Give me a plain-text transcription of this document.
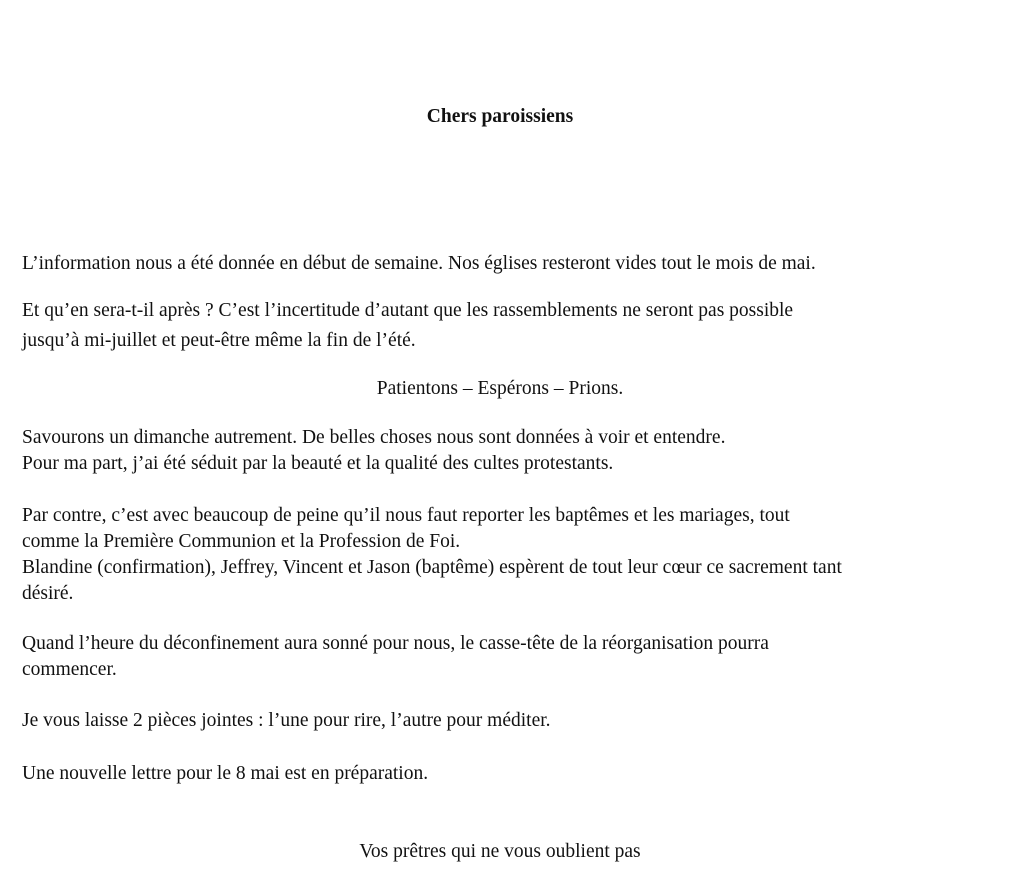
Chers paroissiens

L’information nous a été donnée en début de semaine. Nos églises resteront vides tout le mois de mai.

Et qu’en sera-t-il après ? C’est l’incertitude d’autant que les rassemblements ne seront pas possible

jusqu’à mi-juillet et peut-être même la fin de l’été.

Patientons – Espérons – Prions.

Savourons un dimanche autrement. De belles choses nous sont données à voir et entendre.

Pour ma part, j’ai été séduit par la beauté et la qualité des cultes protestants.

Par contre, c’est avec beaucoup de peine qu’il nous faut reporter les baptêmes et les mariages, tout

comme la Première Communion et la Profession de Foi.

Blandine (confirmation), Jeffrey, Vincent et Jason (baptême) espèrent de tout leur cœur ce sacrement tant

désiré.

Quand l’heure du déconfinement aura sonné pour nous, le casse-tête de la réorganisation pourra

commencer.

Je vous laisse 2 pièces jointes : l’une pour rire, l’autre pour méditer.

Une nouvelle lettre pour le 8 mai est en préparation.

Vos prêtres qui ne vous oublient pas
